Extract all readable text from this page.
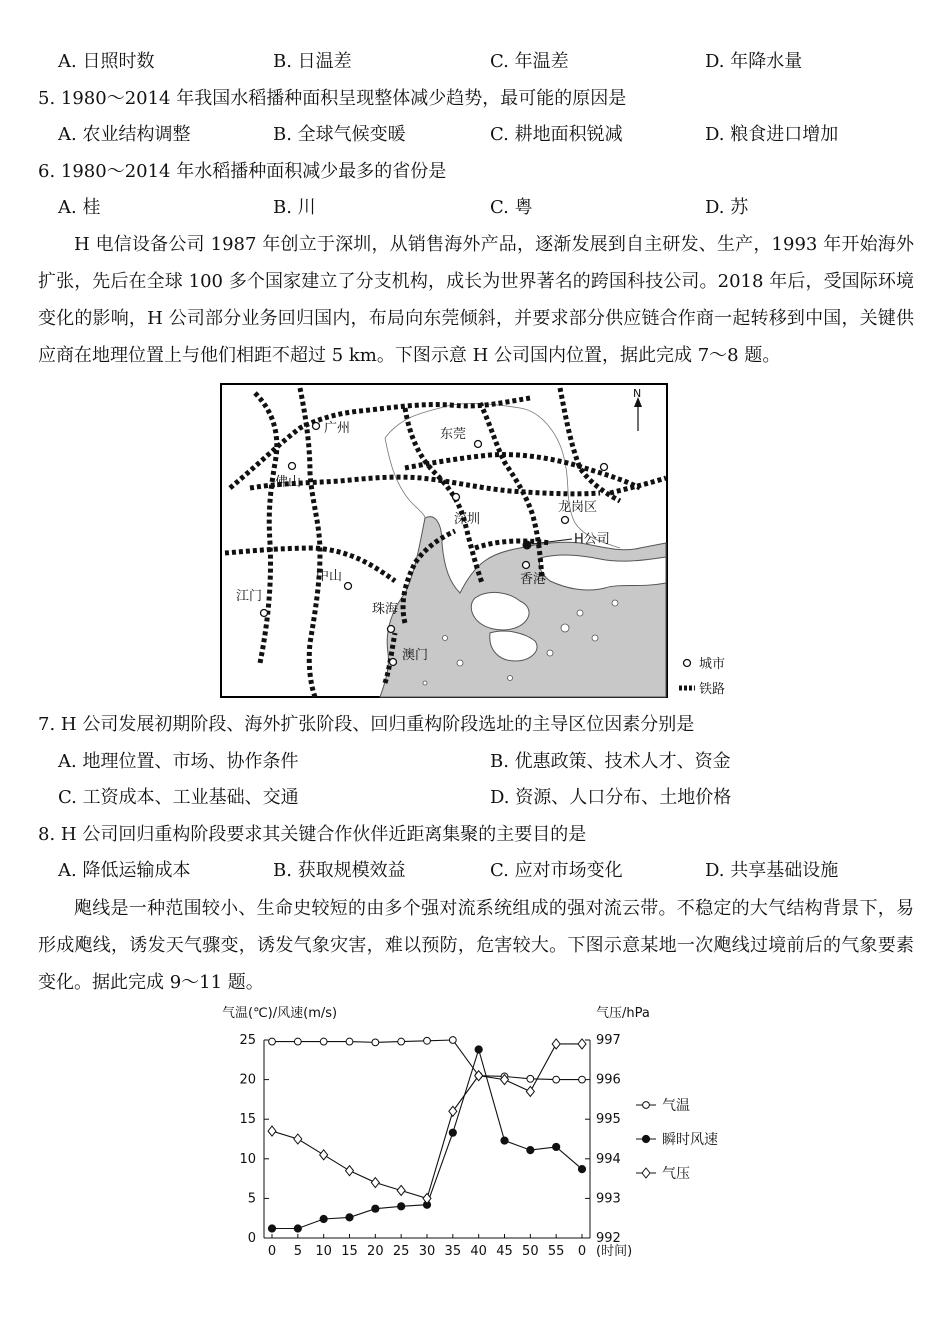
A. 日照时数	B. 日温差	C. 年温差	D. 年降水量
5. 1980～2014 年我国水稻播种面积呈现整体减少趋势，最可能的原因是
A. 农业结构调整	B. 全球气候变暖	C. 耕地面积锐减	D. 粮食进口增加
6. 1980～2014 年水稻播种面积减少最多的省份是
A. 桂	B. 川	C. 粤	D. 苏
H 电信设备公司 1987 年创立于深圳，从销售海外产品，逐渐发展到自主研发、生产，1993 年开始海外扩张，先后在全球 100 多个国家建立了分支机构，成长为世界著名的跨国科技公司。2018 年后，受国际环境变化的影响，H 公司部分业务回归国内，布局向东莞倾斜，并要求部分供应链合作商一起转移到中国，关键供应商在地理位置上与他们相距不超过 5 km。下图示意 H 公司国内位置，据此完成 7～8 题。
广州	东莞
佛山
龙岗区
深圳
H公司
中山	香港
江门
珠海
澳门
N
城市
铁路
7. H 公司发展初期阶段、海外扩张阶段、回归重构阶段选址的主导区位因素分别是
A. 地理位置、市场、协作条件	B. 优惠政策、技术人才、资金
C. 工资成本、工业基础、交通	D. 资源、人口分布、土地价格
8. H 公司回归重构阶段要求其关键合作伙伴近距离集聚的主要目的是
A. 降低运输成本	B. 获取规模效益	C. 应对市场变化	D. 共享基础设施
飑线是一种范围较小、生命史较短的由多个强对流系统组成的强对流云带。不稳定的大气结构背景下，易形成飑线，诱发天气骤变，诱发气象灾害，难以预防，危害较大。下图示意某地一次飑线过境前后的气象要素变化。据此完成 9～11 题。
0
5
10
15
20
25
992
993
994
995
996
997
0 5 10 15 20 25 30 35 40 45 50 55 0
气温(℃)/风速(m/s)	气压/hPa
(时间)
气温
瞬时风速
气压
